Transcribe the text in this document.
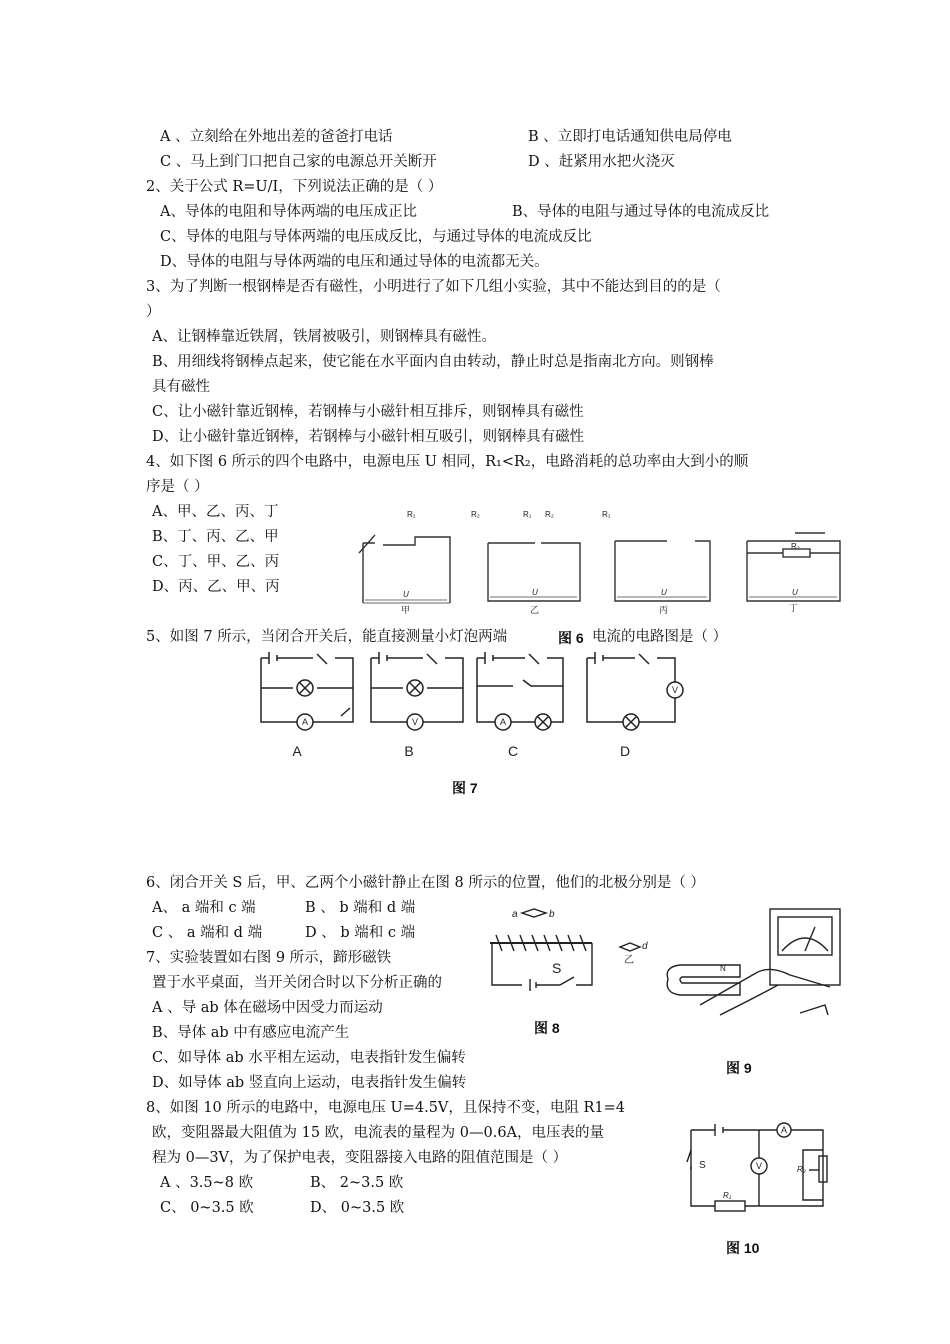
A 、立刻给在外地出差的爸爸打电话	B 、立即打电话通知供电局停电
C 、马上到门口把自己家的电源总开关断开	D 、赶紧用水把火浇灭
2、关于公式 R=U/I，下列说法正确的是（ ）
A、导体的电阻和导体两端的电压成正比	B、导体的电阻与通过导体的电流成反比
C、导体的电阻与导体两端的电压成反比，与通过导体的电流成反比
D、导体的电阻与导体两端的电压和通过导体的电流都无关。
3、为了判断一根钢棒是否有磁性，小明进行了如下几组小实验，其中不能达到目的的是（
）
A、让钢棒靠近铁屑，铁屑被吸引，则钢棒具有磁性。
B、用细线将钢棒点起来，使它能在水平面内自由转动，静止时总是指南北方向。则钢棒
具有磁性
C、让小磁针靠近钢棒，若钢棒与小磁针相互排斥，则钢棒具有磁性
D、让小磁针靠近钢棒，若钢棒与小磁针相互吸引，则钢棒具有磁性
4、如下图 6 所示的四个电路中，电源电压 U 相同，R₁<R₂，电路消耗的总功率由大到小的顺
序是（ ）
A、甲、乙、丙、丁
B、丁、丙、乙、甲
C、丁、甲、乙、丙
D、丙、乙、甲、丙
R₁	R₂	R₁ R₂	R₁
R₂
U	U	U	U
甲	乙	丙	丁
图 6
5、如图 7 所示，当闭合开关后，能直接测量小灯泡两端	电流的电路图是（ ）
A	V	A
V
A	B	C	D
图 7
6、闭合开关 S 后，甲、乙两个小磁针静止在图 8 所示的位置，他们的北极分别是（ ）
A、 a 端和 c 端	B 、 b 端和 d 端
C 、 a 端和 d 端	D 、 b 端和 c 端
7、实验装置如右图 9 所示，蹄形磁铁
置于水平桌面，当开关闭合时以下分析正确的
A 、导 ab 体在磁场中因受力而运动
B、导体 ab 中有感应电流产生
C、如导体 ab 水平相左运动，电表指针发生偏转
D、如导体 ab 竖直向上运动，电表指针发生偏转
a	b
d
乙
S
图 8
N
图 9
8、如图 10 所示的电路中，电源电压 U=4.5V，且保持不变，电阻 R1=4
欧，变阻器最大阻值为 15 欧，电流表的量程为 0—0.6A，电压表的量
程为 0—3V，为了保护电表，变阻器接入电路的阻值范围是（ ）
A 、3.5~8 欧	B、 2~3.5 欧
C、 0~3.5 欧	D、 0~3.5 欧
A
V
S
R₁
R₂
图 10
